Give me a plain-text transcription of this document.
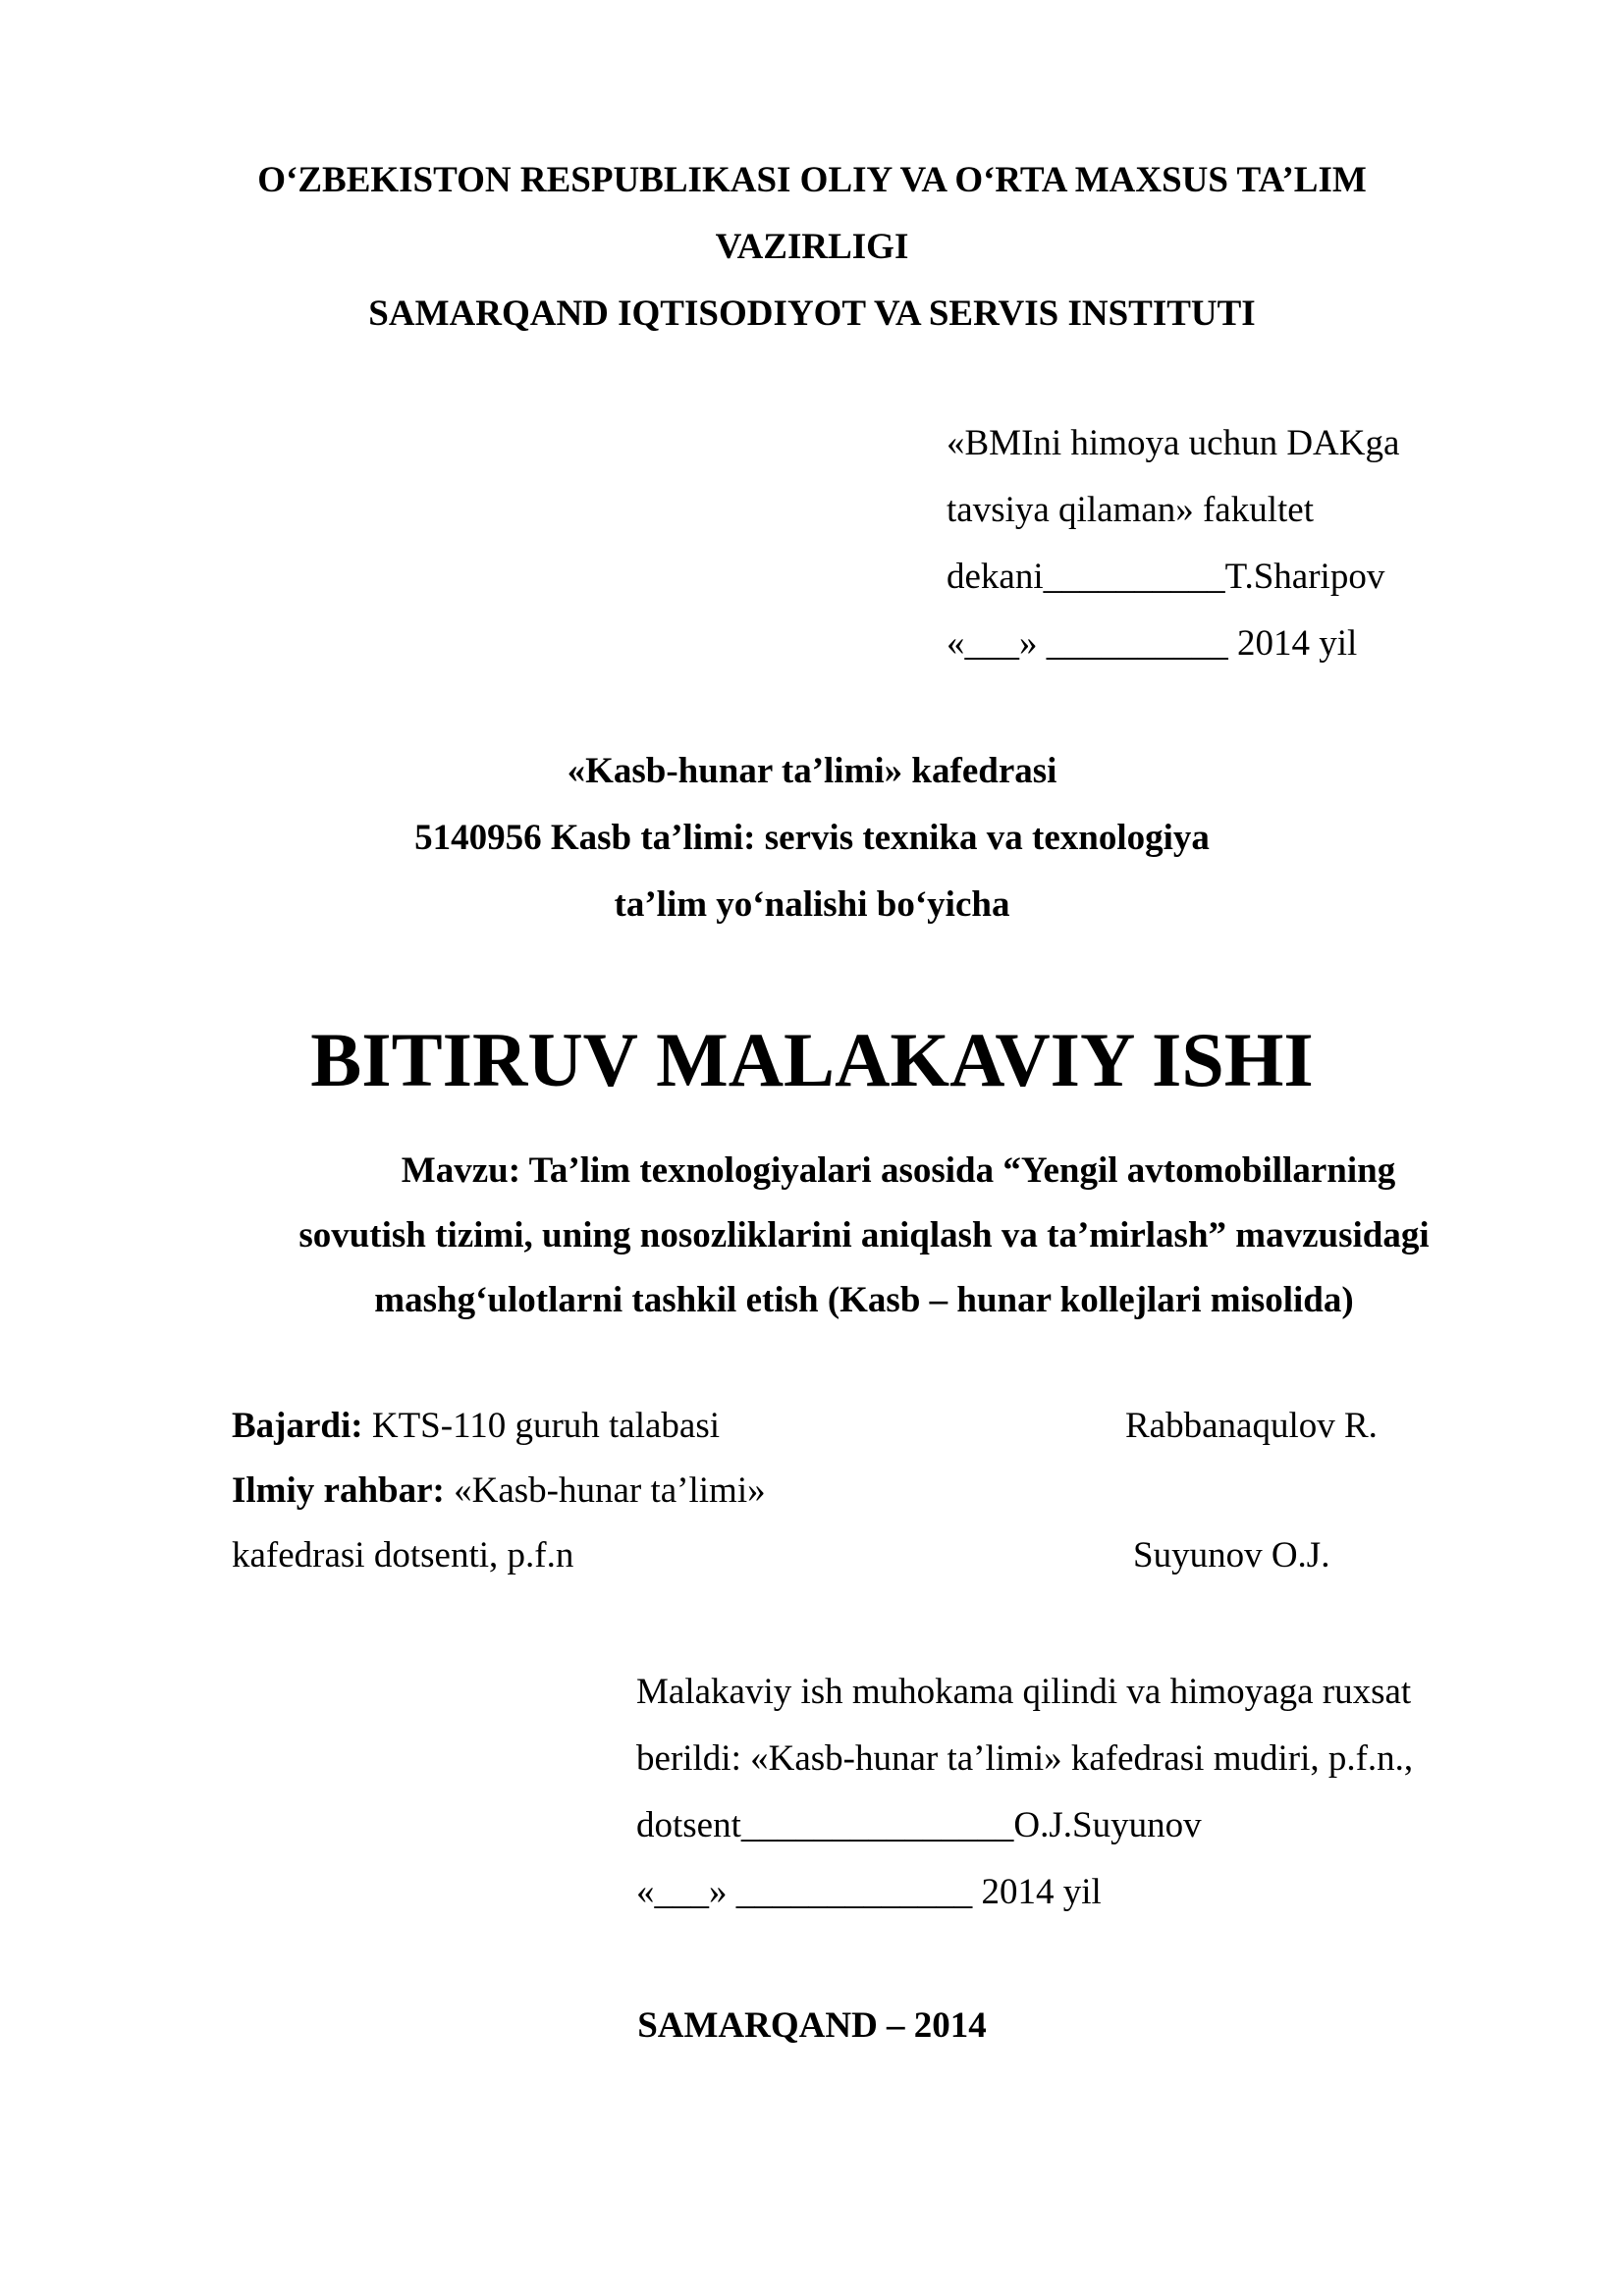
O‘ZBEKISTON RESPUBLIKASI OLIY VA O‘RTA MAXSUS TA’LIM
VAZIRLIGI
SAMARQAND IQTISODIYOT VA SERVIS INSTITUTI
«BMIni himoya uchun DAKga
tavsiya qilaman» fakultet
dekani__________T.Sharipov
«___» __________ 2014 yil
«Kasb-hunar ta’limi» kafedrasi
5140956 Kasb ta’limi: servis texnika va texnologiya
ta’lim yo‘nalishi bo‘yicha
BITIRUV MALAKAVIY ISHI
Mavzu: Ta’lim texnologiyalari asosida “Yengil avtomobillarning
sovutish tizimi, uning nosozliklarini aniqlash va ta’mirlash” mavzusidagi
mashg‘ulotlarni tashkil etish (Kasb – hunar kollejlari misolida)
Bajardi: KTS-110 guruh talabasi	Rabbanaqulov R.
Ilmiy rahbar: «Kasb-hunar ta’limi»
kafedrasi dotsenti, p.f.n	Suyunov O.J.
Malakaviy ish muhokama qilindi va himoyaga ruxsat
berildi: «Kasb-hunar ta’limi» kafedrasi mudiri, p.f.n.,
dotsent_______________O.J.Suyunov
«___» _____________ 2014 yil
SAMARQAND – 2014
